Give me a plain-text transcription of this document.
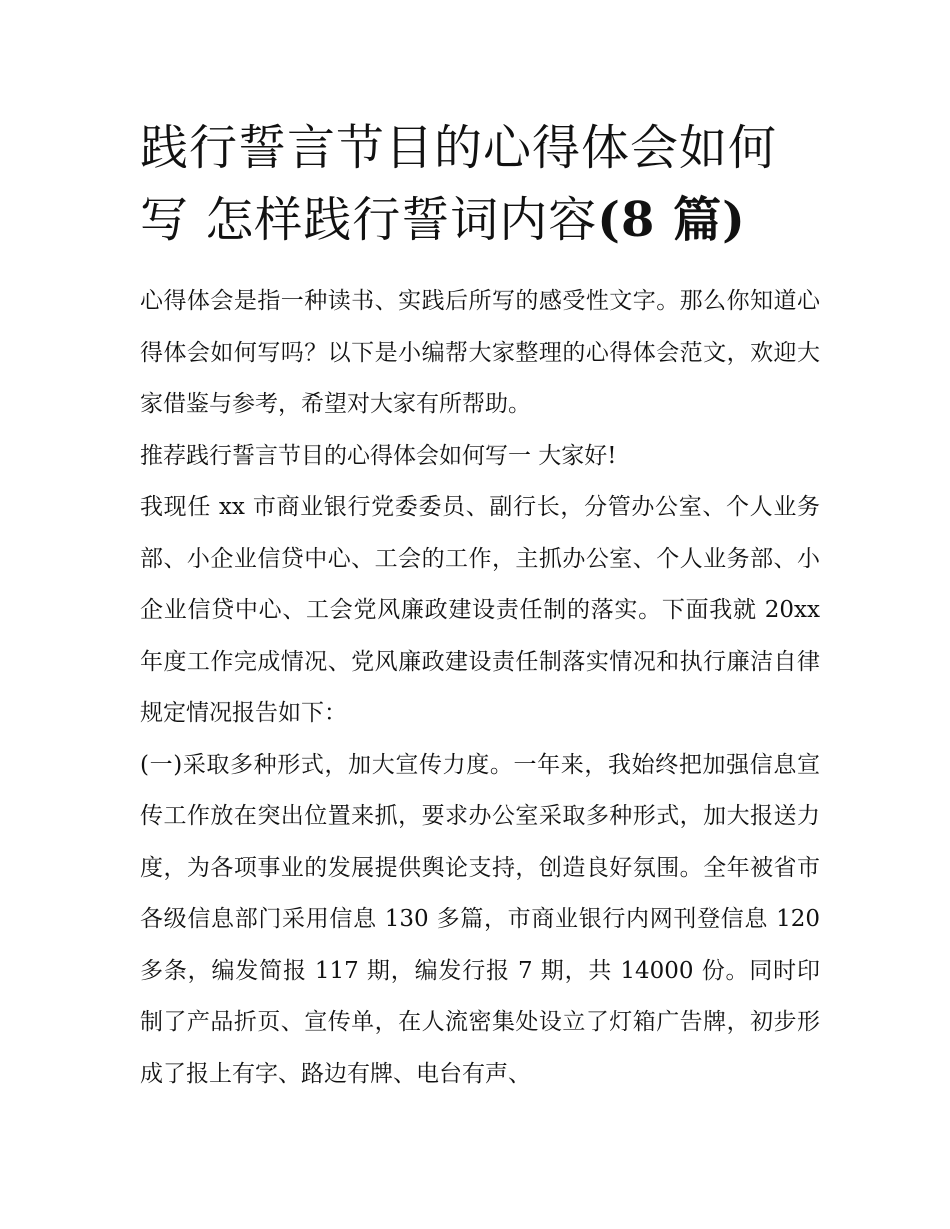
践行誓言节目的心得体会如何写 怎样践行誓词内容(8 篇)

心得体会是指一种读书、实践后所写的感受性文字。那么你知道心得体会如何写吗？以下是小编帮大家整理的心得体会范文，欢迎大家借鉴与参考，希望对大家有所帮助。

推荐践行誓言节目的心得体会如何写一 大家好!

我现任 xx 市商业银行党委委员、副行长，分管办公室、个人业务部、小企业信贷中心、工会的工作，主抓办公室、个人业务部、小企业信贷中心、工会党风廉政建设责任制的落实。下面我就 20xx 年度工作完成情况、党风廉政建设责任制落实情况和执行廉洁自律规定情况报告如下：

(一)采取多种形式，加大宣传力度。一年来，我始终把加强信息宣传工作放在突出位置来抓，要求办公室采取多种形式，加大报送力度，为各项事业的发展提供舆论支持，创造良好氛围。全年被省市各级信息部门采用信息 130 多篇，市商业银行内网刊登信息 120 多条，编发简报 117 期，编发行报 7 期，共 14000 份。同时印制了产品折页、宣传单，在人流密集处设立了灯箱广告牌，初步形成了报上有字、路边有牌、电台有声、
